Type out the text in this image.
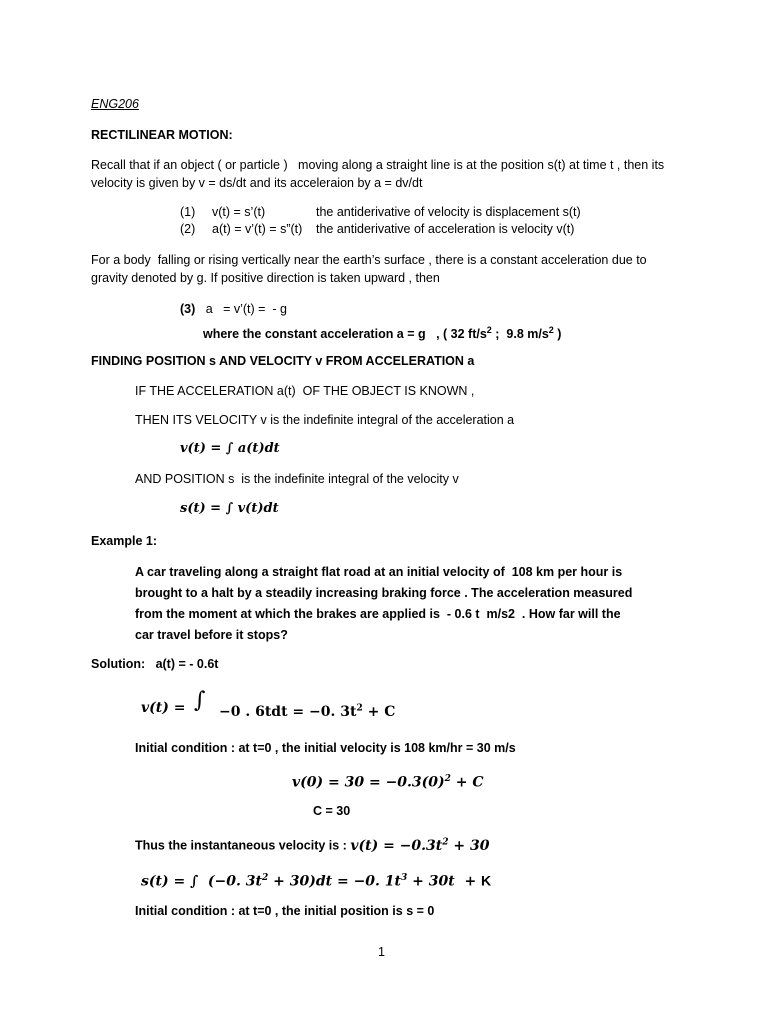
ENG206
RECTILINEAR MOTION:
Recall that if an object ( or particle )   moving along a straight line is at the position s(t) at time t , then its
velocity is given by v = ds/dt and its acceleraion by a = dv/dt
(1) v(t) = s’(t)	the antiderivative of velocity is displacement s(t)
(2) a(t) = v’(t) = s”(t) the antiderivative of acceleration is velocity v(t)
For a body  falling or rising vertically near the earth’s surface , there is a constant acceleration due to
gravity denoted by g. If positive direction is taken upward , then
(3)   a   = v’(t) =  - g
where the constant acceleration a = g   , ( 32 $ft/s^2$ ;  9.8 $m/s^2$ )
FINDING POSITION s AND VELOCITY v FROM ACCELERATION a
IF THE ACCELERATION a(t)  OF THE OBJECT IS KNOWN ,
THEN ITS VELOCITY v is the indefinite integral of the acceleration a
v(t) = ∫ a(t)dt
AND POSITION s  is the indefinite integral of the velocity v
s(t) = ∫ v(t)dt
Example 1:
A car traveling along a straight flat road at an initial velocity of  108 km per hour is
brought to a halt by a steadily increasing braking force . The acceleration measured
from the moment at which the brakes are applied is  - 0.6 t  m/s2  . How far will the
car travel before it stops?
Solution:   a(t) = - 0.6t
v(t) = ∫ −0 . 6tdt = −0. $3t^2 + C$
Initial condition : at t=0 , the initial velocity is 108 km/hr = 30 m/s
$v(0) = 30 = -0.3(0)^2 + C$
C = 30
Thus the instantaneous velocity is : $v(t) = -0.3t^2 + 30$
s(t) = ∫  (−0. $3t^2 + 30)dt = -0$. $1t^3 + 30t + K$
Initial condition : at t=0 , the initial position is s = 0
1
